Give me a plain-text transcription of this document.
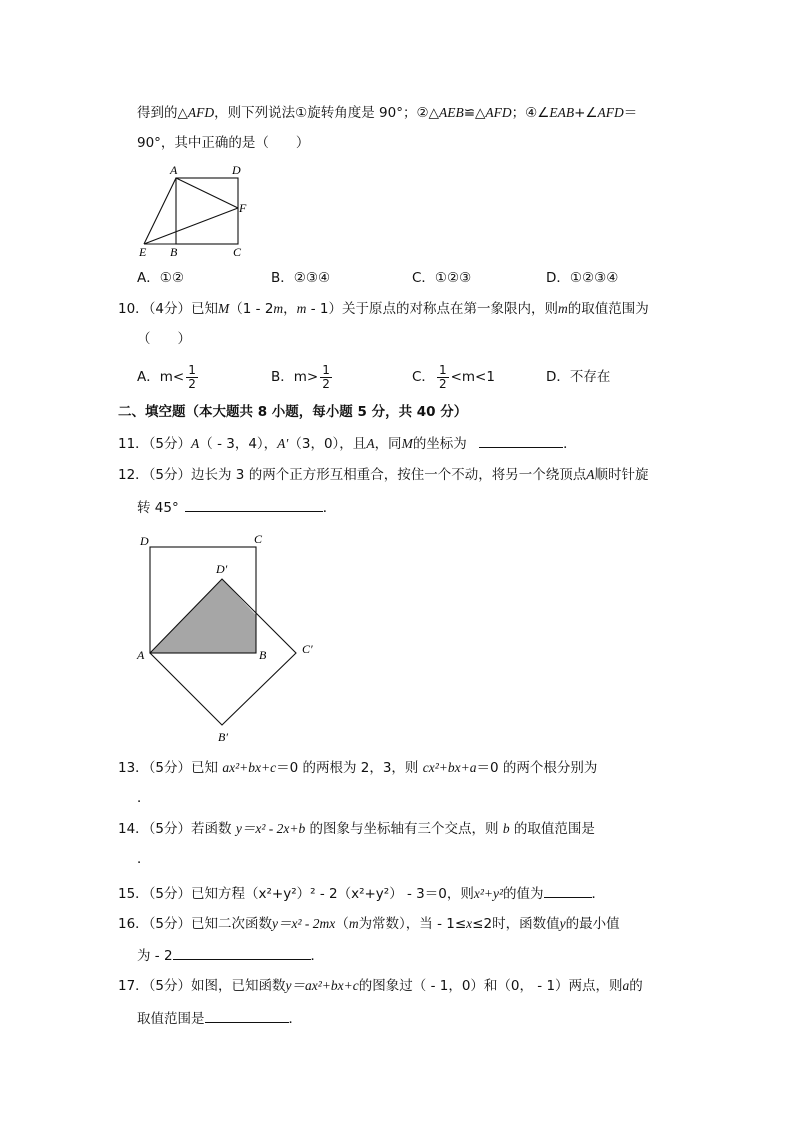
得到的△AFD，则下列说法①旋转角度是 90°；②△AEB≌△AFD；④∠EAB+∠AFD＝
90°，其中正确的是（　　）
A	D
F
E B	C
A．①②	B．②③④	C．①②③	D．①②③④
10．（4分）已知M（1 - 2m，m - 1）关于原点的对称点在第一象限内，则m的取值范围为
（　　）
A．$m< \frac{1}{2}$	B．$m> \frac{1}{2}$	C． $\frac{1}{2} <m<1$	D．不存在
二、填空题（本大题共 8 小题，每小题 5 分，共 40 分）
11．（5分）A（ - 3，4），A′（3，0），且A，同M的坐标为	．
12．（5分）边长为 3 的两个正方形互相重合，按住一个不动，将另一个绕顶点A顺时针旋
转 45°	．
D	C
D′
C′
A	B
B′
13．（5分）已知 ax²+bx+c＝0 的两根为 2，3，则 cx²+bx+a＝0 的两个根分别为
．
14．（5分）若函数 y＝x² - 2x+b 的图象与坐标轴有三个交点，则 b 的取值范围是
．
15．（5分）已知方程（x²+y²）² - 2（x²+y²） - 3＝0，则x²+y²的值为	．
16．（5分）已知二次函数y＝x² - 2mx（m为常数），当 - 1≤x≤2时，函数值y的最小值
为 - 2	．
17．（5分）如图，已知函数y＝ax²+bx+c的图象过（ - 1，0）和（0， - 1）两点，则a的
取值范围是	．
